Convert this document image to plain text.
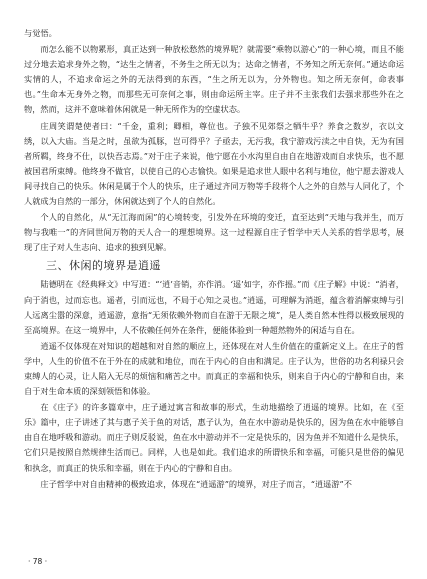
与觉悟。

而怎么能不以物累形，真正达到一种放松愁然的境界呢？就需要“乘物以游心”的一种心境，而且不能过分地去追求身外之物，“达生之情者，不务生之所无以为；达命之情者，不务知之所无奈何。”通达命运实情的人，不追求命运之外的无法得到的东西，“生之所无以为，分外物也。知之所无奈何，命表事也。”生命本无身外之物，而那些无可奈何之事，则由命运所主宰。庄子并不主张我们去强求那些外在之物，然而，这并不意味着休闲就是一种无所作为的空虚状态。

庄周笑谓楚使者曰：“千金，重利；卿相，尊位也。子独不见郊祭之牺牛乎？养食之数岁，衣以文绣，以入大庙。当是之时，虽欲为孤豚，岂可得乎？子亟去，无污我，我宁游戏污渎之中自快，无为有国者所羁，终身不仕，以快吾志焉。”对于庄子来说，他宁愿在小水沟里自由自在地游戏而自求快乐，也不愿被国君所束缚。他终身不做官，以使自己的心志愉快。如果是追求世人眼中名利与地位，他宁愿去游戏人间寻找自己的快乐。休闲是属于个人的快乐，庄子通过齐同万物等手段将个人之外的自然与人同化了，个人就成为自然的一部分，休闲就达到了个人的自然化。

个人的自然化，从“无江海而闲”的心境转变，引发外在环境的变迁，直至达到“天地与我并生，而万物与我唯一”的齐同世间万物的天人合一的理想境界。这一过程源自庄子哲学中天人关系的哲学思考，展现了庄子对人生志向、追求的独到见解。

三、休闲的境界是逍遥

陆德明在《经典释文》中写道：“‘逍’音销，亦作消。‘遥’如字，亦作摇。”而《庄子解》中说：“消者，向于消也，过而忘也。遥者，引而远也，不局于心知之灵也。”逍遥，可理解为消逝，蕴含着消解束缚与引人远离尘嚣的深意，逍遥游，意指“无须依赖外物而自在游于无限之境”，是人类自然本性得以极致展现的至高境界。在这一境界中，人不依赖任何外在条件，便能体验到一种超然物外的闲适与自在。

逍遥不仅体现在对知识的超越和对自然的顺应上，还体现在对人生价值在的重新定义上。在庄子的哲学中，人生的价值不在于外在的成就和地位，而在于内心的自由和满足。庄子认为，世俗的功名利禄只会束缚人的心灵，让人陷入无尽的烦恼和痛苦之中。而真正的幸福和快乐，则来自于内心的宁静和自由，来自于对生命本质的深刻领悟和体验。

在《庄子》的许多篇章中，庄子通过寓言和故事的形式，生动地描绘了逍遥的境界。比如，在《至乐》篇中，庄子讲述了其与惠子关于鱼的对话，惠子认为，鱼在水中游动是快乐的，因为鱼在水中能够自由自在地呼吸和游动。而庄子则反驳说，鱼在水中游动并不一定是快乐的，因为鱼并不知道什么是快乐，它们只是按照自然规律生活而已。同样，人也是如此。我们追求的所谓快乐和幸福，可能只是世俗的偏见和执念，而真正的快乐和幸福，则在于内心的宁静和自由。

庄子哲学中对自由精神的极致追求，体现在“逍遥游”的境界，对庄子而言，“逍遥游”不

· 78 ·
